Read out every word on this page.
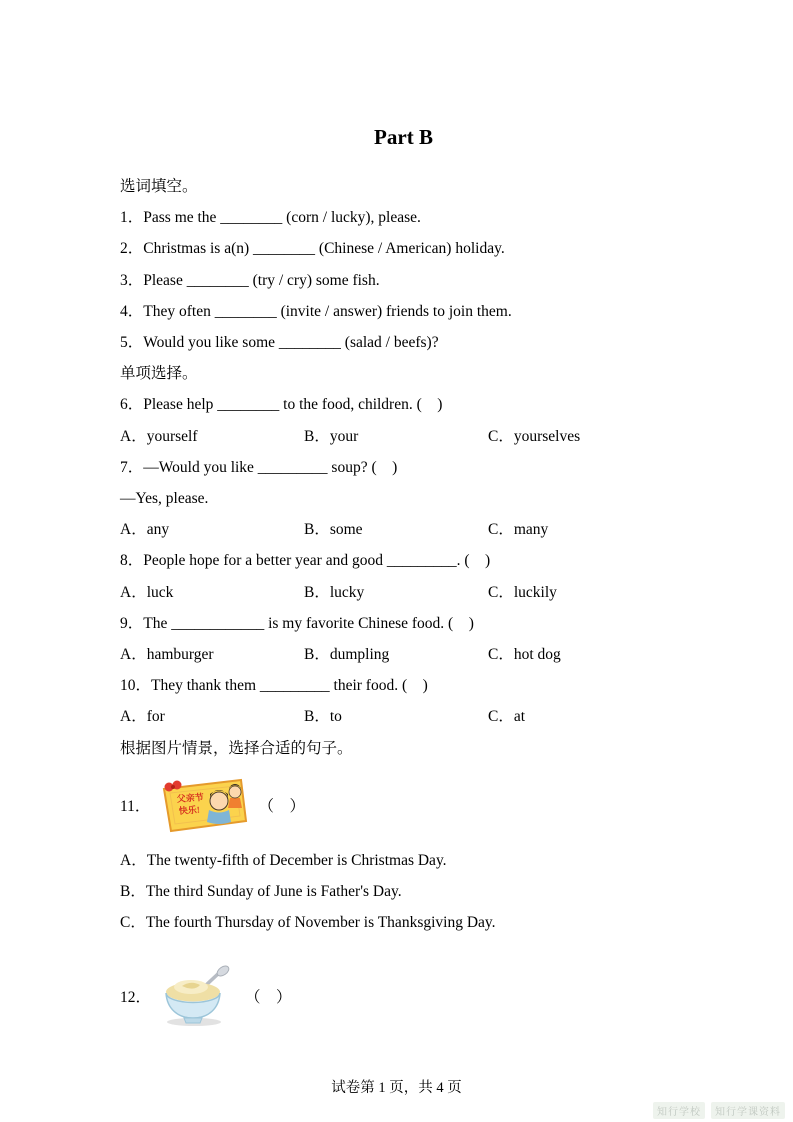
Part B

选词填空。

1．Pass me the ________ (corn / lucky), please.

2．Christmas is a(n) ________ (Chinese / American) holiday.

3．Please ________ (try / cry) some fish.

4．They often ________ (invite / answer) friends to join them.

5．Would you like some ________ (salad / beefs)?

单项选择。

6．Please help ________ to the food, children. (    )

A．yourself	B．your	C．yourselves

7．—Would you like _________ soup? (    )

—Yes, please.

A．any	B．some	C．many

8．People hope for a better year and good _________. (    )

A．luck	B．lucky	C．luckily

9．The ____________ is my favorite Chinese food. (    )

A．hamburger	B．dumpling	C．hot dog

10．They thank them _________ their food. (    )

A．for	B．to	C．at

根据图片情景，选择合适的句子。

11．	父亲节
快乐!	（    ）

A．The twenty-fifth of December is Christmas Day.

B．The third Sunday of June is Father's Day.

C．The fourth Thursday of November is Thanksgiving Day.

12．	（    ）
试卷第 1 页，共 4 页
知行学校	知行学课资料
